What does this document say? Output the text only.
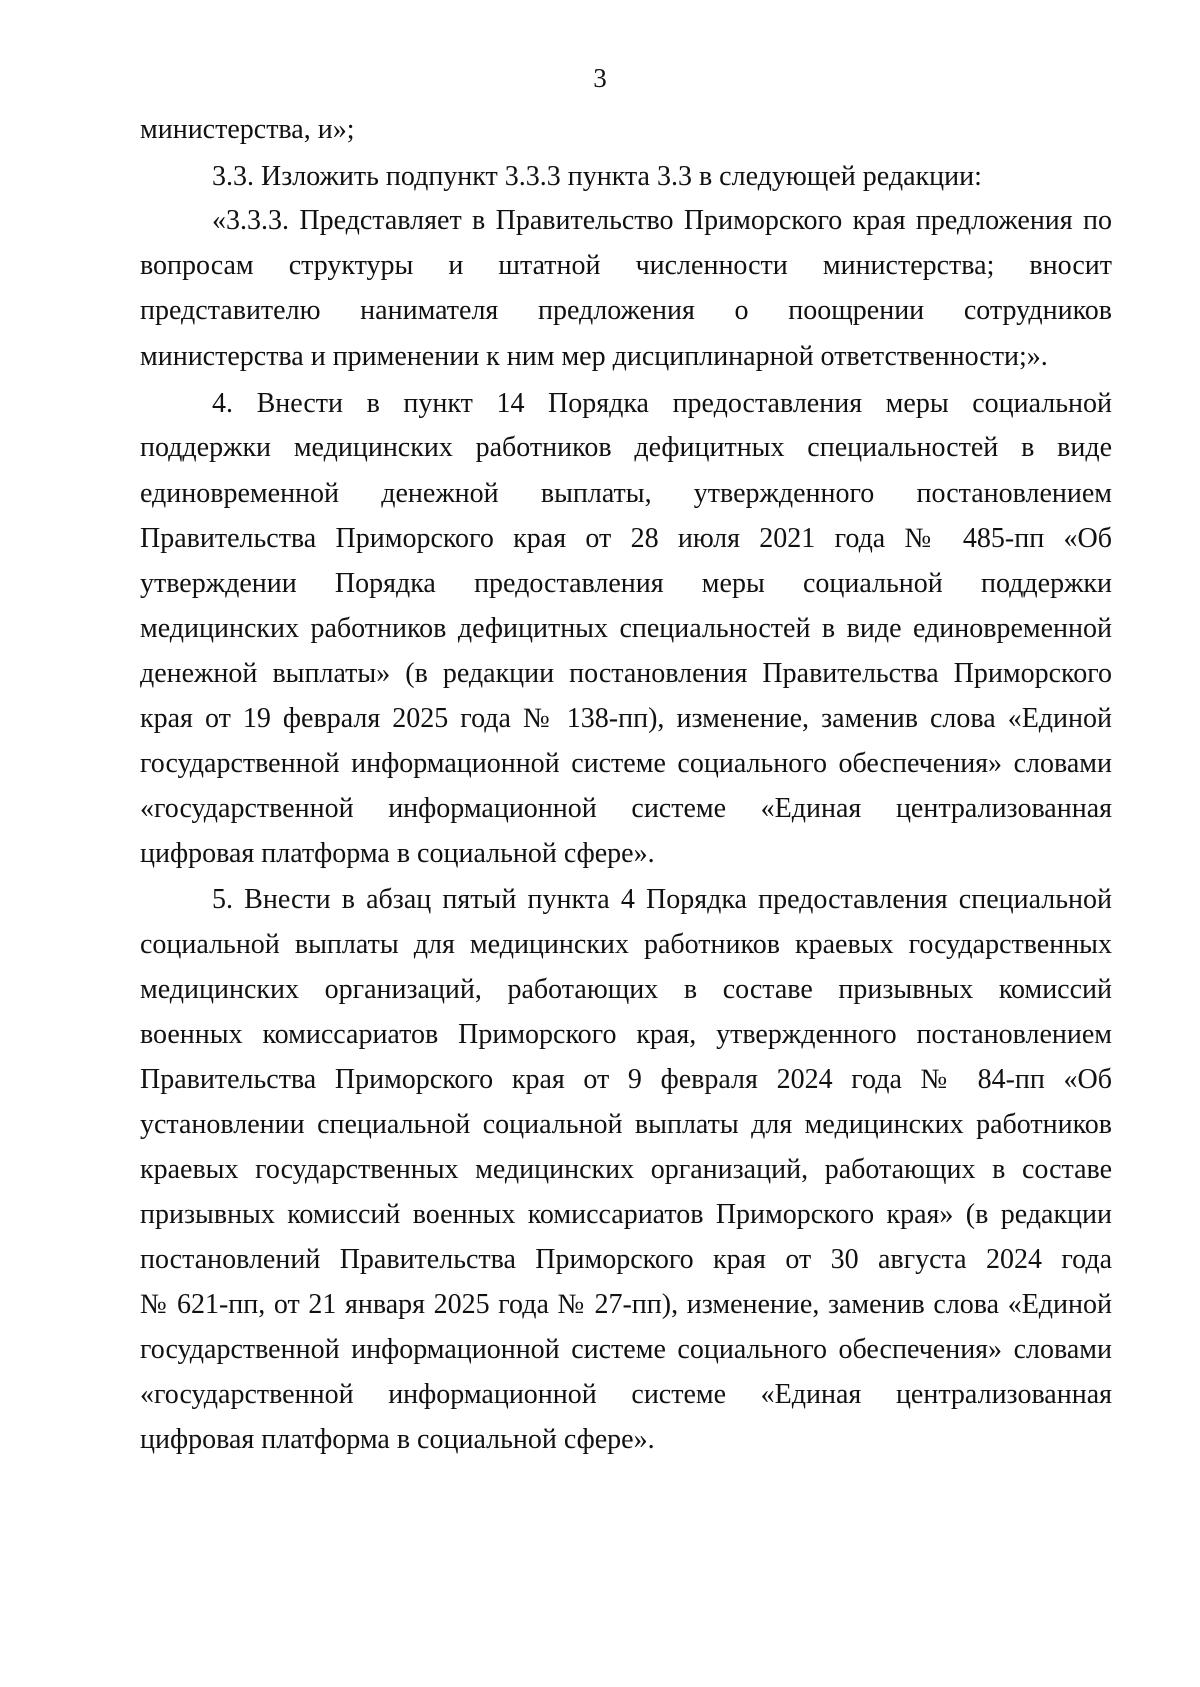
3
министерства, и»;
3.3. Изложить подпункт 3.3.3 пункта 3.3 в следующей редакции:
«3.3.3. Представляет в Правительство Приморского края предложения по
вопросам структуры и штатной численности министерства; вносит
представителю нанимателя предложения о поощрении сотрудников
министерства и применении к ним мер дисциплинарной ответственности;».
4. Внести в пункт 14 Порядка предоставления меры социальной
поддержки медицинских работников дефицитных специальностей в виде
единовременной денежной выплаты, утвержденного постановлением
Правительства Приморского края от 28 июля 2021 года № 485-пп «Об
утверждении Порядка предоставления меры социальной поддержки
медицинских работников дефицитных специальностей в виде единовременной
денежной выплаты» (в редакции постановления Правительства Приморского
края от 19 февраля 2025 года № 138-пп), изменение, заменив слова «Единой
государственной информационной системе социального обеспечения» словами
«государственной информационной системе «Единая централизованная
цифровая платформа в социальной сфере».
5. Внести в абзац пятый пункта 4 Порядка предоставления специальной
социальной выплаты для медицинских работников краевых государственных
медицинских организаций, работающих в составе призывных комиссий
военных комиссариатов Приморского края, утвержденного постановлением
Правительства Приморского края от 9 февраля 2024 года № 84-пп «Об
установлении специальной социальной выплаты для медицинских работников
краевых государственных медицинских организаций, работающих в составе
призывных комиссий военных комиссариатов Приморского края» (в редакции
постановлений Правительства Приморского края от 30 августа 2024 года
№ 621-пп, от 21 января 2025 года № 27-пп), изменение, заменив слова «Единой
государственной информационной системе социального обеспечения» словами
«государственной информационной системе «Единая централизованная
цифровая платформа в социальной сфере».
